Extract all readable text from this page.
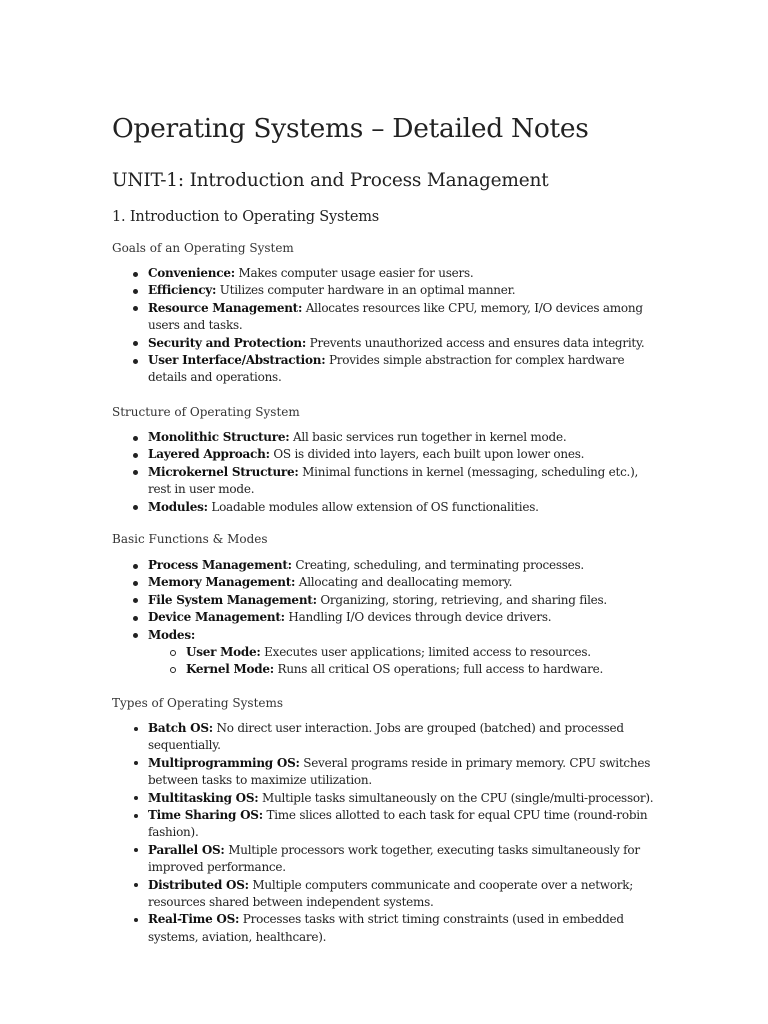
Operating Systems – Detailed Notes
UNIT-1: Introduction and Process Management
1. Introduction to Operating Systems
Goals of an Operating System
Convenience: Makes computer usage easier for users.
Efficiency: Utilizes computer hardware in an optimal manner.
Resource Management: Allocates resources like CPU, memory, I/O devices among users and tasks.
Security and Protection: Prevents unauthorized access and ensures data integrity.
User Interface/Abstraction: Provides simple abstraction for complex hardware details and operations.
Structure of Operating System
Monolithic Structure: All basic services run together in kernel mode.
Layered Approach: OS is divided into layers, each built upon lower ones.
Microkernel Structure: Minimal functions in kernel (messaging, scheduling etc.), rest in user mode.
Modules: Loadable modules allow extension of OS functionalities.
Basic Functions & Modes
Process Management: Creating, scheduling, and terminating processes.
Memory Management: Allocating and deallocating memory.
File System Management: Organizing, storing, retrieving, and sharing files.
Device Management: Handling I/O devices through device drivers.
Modes:
User Mode: Executes user applications; limited access to resources.
Kernel Mode: Runs all critical OS operations; full access to hardware.
Types of Operating Systems
Batch OS: No direct user interaction. Jobs are grouped (batched) and processed sequentially.
Multiprogramming OS: Several programs reside in primary memory. CPU switches between tasks to maximize utilization.
Multitasking OS: Multiple tasks simultaneously on the CPU (single/multi-processor).
Time Sharing OS: Time slices allotted to each task for equal CPU time (round-robin fashion).
Parallel OS: Multiple processors work together, executing tasks simultaneously for improved performance.
Distributed OS: Multiple computers communicate and cooperate over a network; resources shared between independent systems.
Real-Time OS: Processes tasks with strict timing constraints (used in embedded systems, aviation, healthcare).
